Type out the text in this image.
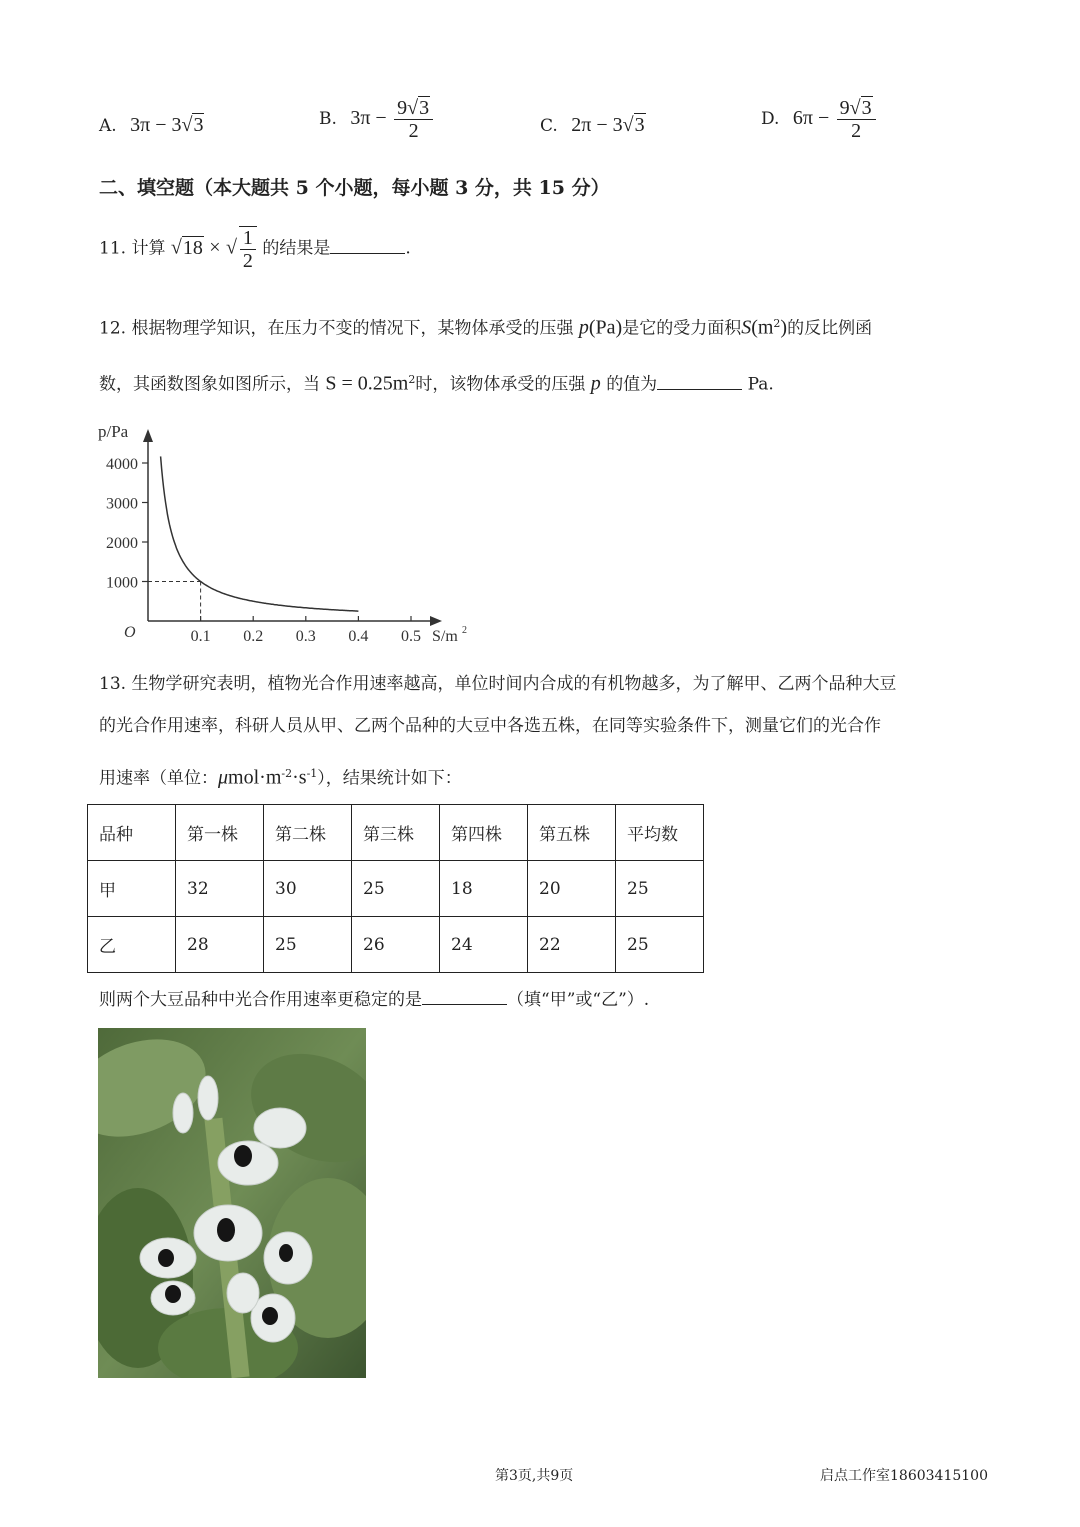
A. 3π − 3√3	B. $3\pi - \frac{9√3}{2}$	C. 2π − 3√3	D. $6\pi - \frac{9√3}{2}$
二、填空题（本大题共 5 个小题，每小题 3 分，共 15 分）
11. 计算 √18 × √ $\frac{1}{2}$ 的结果是	.
12. 根据物理学知识，在压力不变的情况下，某物体承受的压强 p(Pa)是它的受力面积$S(m^2)$的反比例函
数，其函数图象如图所示，当 $S = 0.25m^2$时，该物体承受的压强 p 的值为	Pa.
p/Pa
S/m 2
O
1000
2000
3000
4000
0.1 0.2 0.3 0.4 0.5
13. 生物学研究表明，植物光合作用速率越高，单位时间内合成的有机物越多，为了解甲、乙两个品种大豆
的光合作用速率，科研人员从甲、乙两个品种的大豆中各选五株，在同等实验条件下，测量它们的光合作
用速率（单位：$\mu mol\cdot m^{-2}\cdot s^{-1}$），结果统计如下：
品种	第一株	第二株	第三株	第四株	第五株	平均数
甲	32	30	25	18	20	25
乙	28	25	26	24	22	25
则两个大豆品种中光合作用速率更稳定的是	（填“甲”或“乙”）.
第3页,共9页	启点工作室18603415100
